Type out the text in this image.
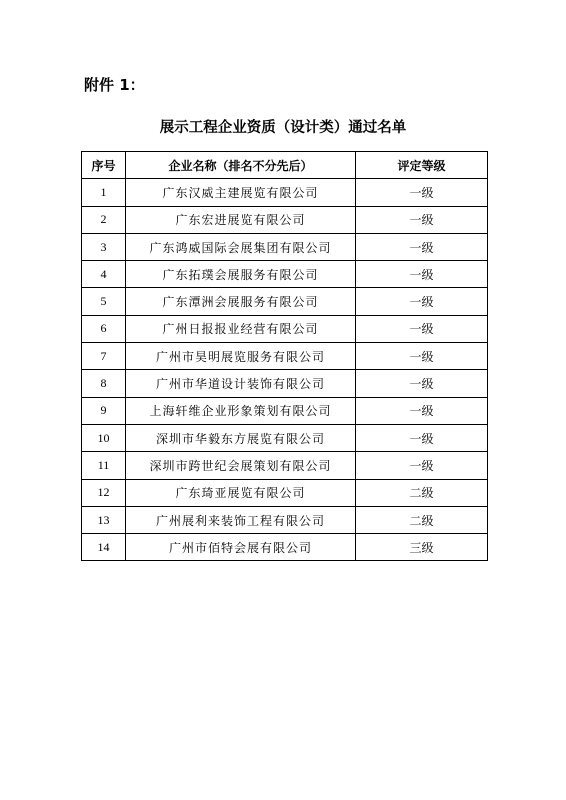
附件 1：
展示工程企业资质（设计类）通过名单
序号	企业名称（排名不分先后）	评定等级
1	广东汉威主建展览有限公司	一级
2	广东宏进展览有限公司	一级
3	广东鸿威国际会展集团有限公司	一级
4	广东拓璞会展服务有限公司	一级
5	广东潭洲会展服务有限公司	一级
6	广州日报报业经营有限公司	一级
7	广州市昊明展览服务有限公司	一级
8	广州市华道设计装饰有限公司	一级
9	上海轩维企业形象策划有限公司	一级
10	深圳市华毅东方展览有限公司	一级
11	深圳市跨世纪会展策划有限公司	一级
12	广东琦亚展览有限公司	二级
13	广州展利来装饰工程有限公司	二级
14	广州市佰特会展有限公司	三级
